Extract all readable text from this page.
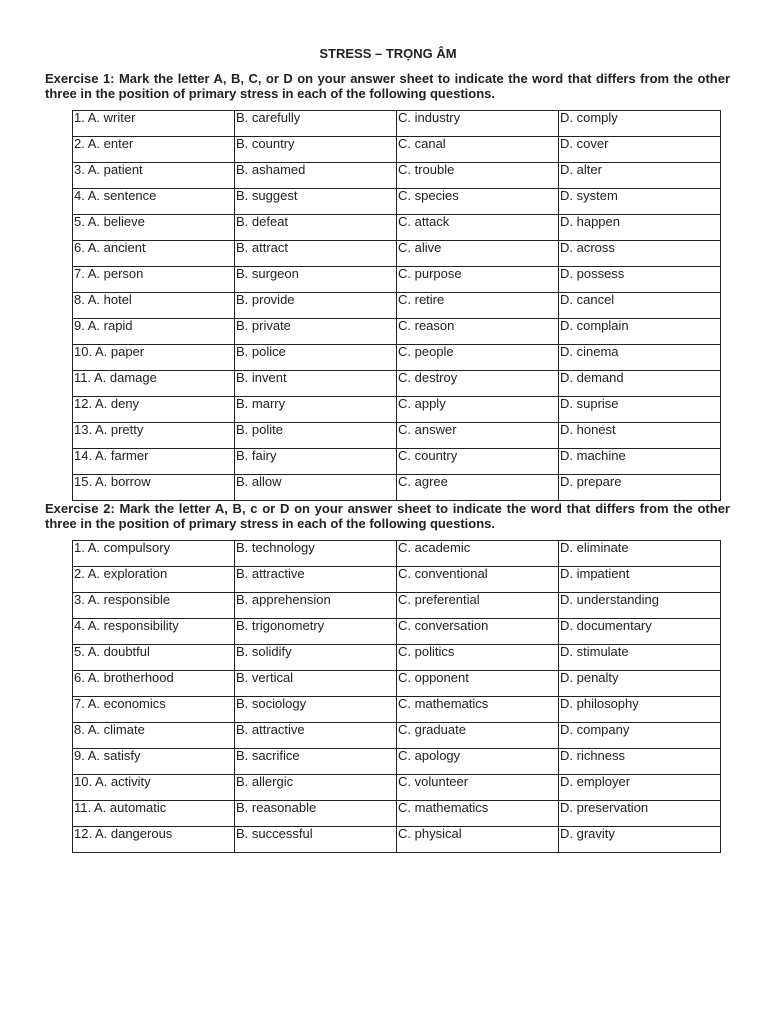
STRESS – TRỌNG ÂM
Exercise 1: Mark the letter A, B, C, or D on your answer sheet to indicate the word that differs from the other three in the position of primary stress in each of the following questions.
1. A. writer	B. carefully	C. industry	D. comply
2. A. enter	B. country	C. canal	D. cover
3. A. patient	B. ashamed	C. trouble	D. alter
4. A. sentence	B. suggest	C. species	D. system
5. A. believe	B. defeat	C. attack	D. happen
6. A. ancient	B. attract	C. alive	D. across
7. A. person	B. surgeon	C. purpose	D. possess
8. A. hotel	B. provide	C. retire	D. cancel
9. A. rapid	B. private	C. reason	D. complain
10. A. paper	B. police	C. people	D. cinema
11. A. damage	B. invent	C. destroy	D. demand
12. A. deny	B. marry	C. apply	D. suprise
13. A. pretty	B. polite	C. answer	D. honest
14. A. farmer	B. fairy	C. country	D. machine
15. A. borrow	B. allow	C. agree	D. prepare
Exercise 2: Mark the letter A, B, c or D on your answer sheet to indicate the word that differs from the other three in the position of primary stress in each of the following questions.
1. A. compulsory	B. technology	C. academic	D. eliminate
2. A. exploration	B. attractive	C. conventional	D. impatient
3. A. responsible	B. apprehension	C. preferential	D. understanding
4. A. responsibility	B. trigonometry	C. conversation	D. documentary
5. A. doubtful	B. solidify	C. politics	D. stimulate
6. A. brotherhood	B. vertical	C. opponent	D. penalty
7. A. economics	B. sociology	C. mathematics	D. philosophy
8. A. climate	B. attractive	C. graduate	D. company
9. A. satisfy	B. sacrifice	C. apology	D. richness
10. A. activity	B. allergic	C. volunteer	D. employer
11. A. automatic	B. reasonable	C. mathematics	D. preservation
12. A. dangerous	B. successful	C. physical	D. gravity
